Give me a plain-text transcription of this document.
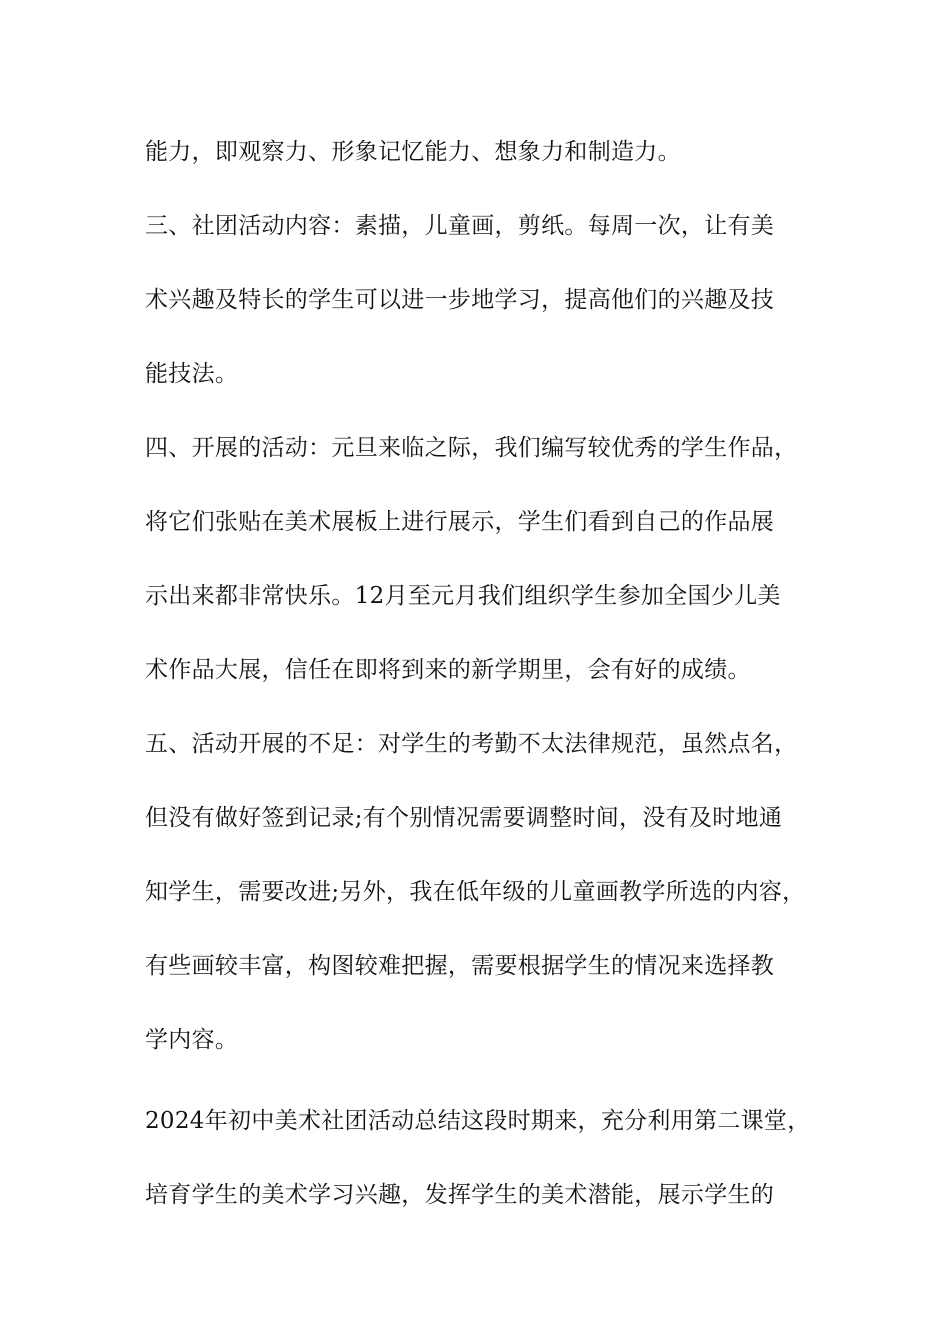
能力，即观察力、形象记忆能力、想象力和制造力。
三、社团活动内容：素描，儿童画，剪纸。每周一次，让有美
术兴趣及特长的学生可以进一步地学习，提高他们的兴趣及技
能技法。
四、开展的活动：元旦来临之际，我们编写较优秀的学生作品，
将它们张贴在美术展板上进行展示，学生们看到自己的作品展
示出来都非常快乐。12月至元月我们组织学生参加全国少儿美
术作品大展，信任在即将到来的新学期里，会有好的成绩。
五、活动开展的不足：对学生的考勤不太法律规范，虽然点名，
但没有做好签到记录;有个别情况需要调整时间，没有及时地通
知学生，需要改进;另外，我在低年级的儿童画教学所选的内容，
有些画较丰富，构图较难把握，需要根据学生的情况来选择教
学内容。
2024年初中美术社团活动总结这段时期来，充分利用第二课堂，
培育学生的美术学习兴趣，发挥学生的美术潜能，展示学生的
